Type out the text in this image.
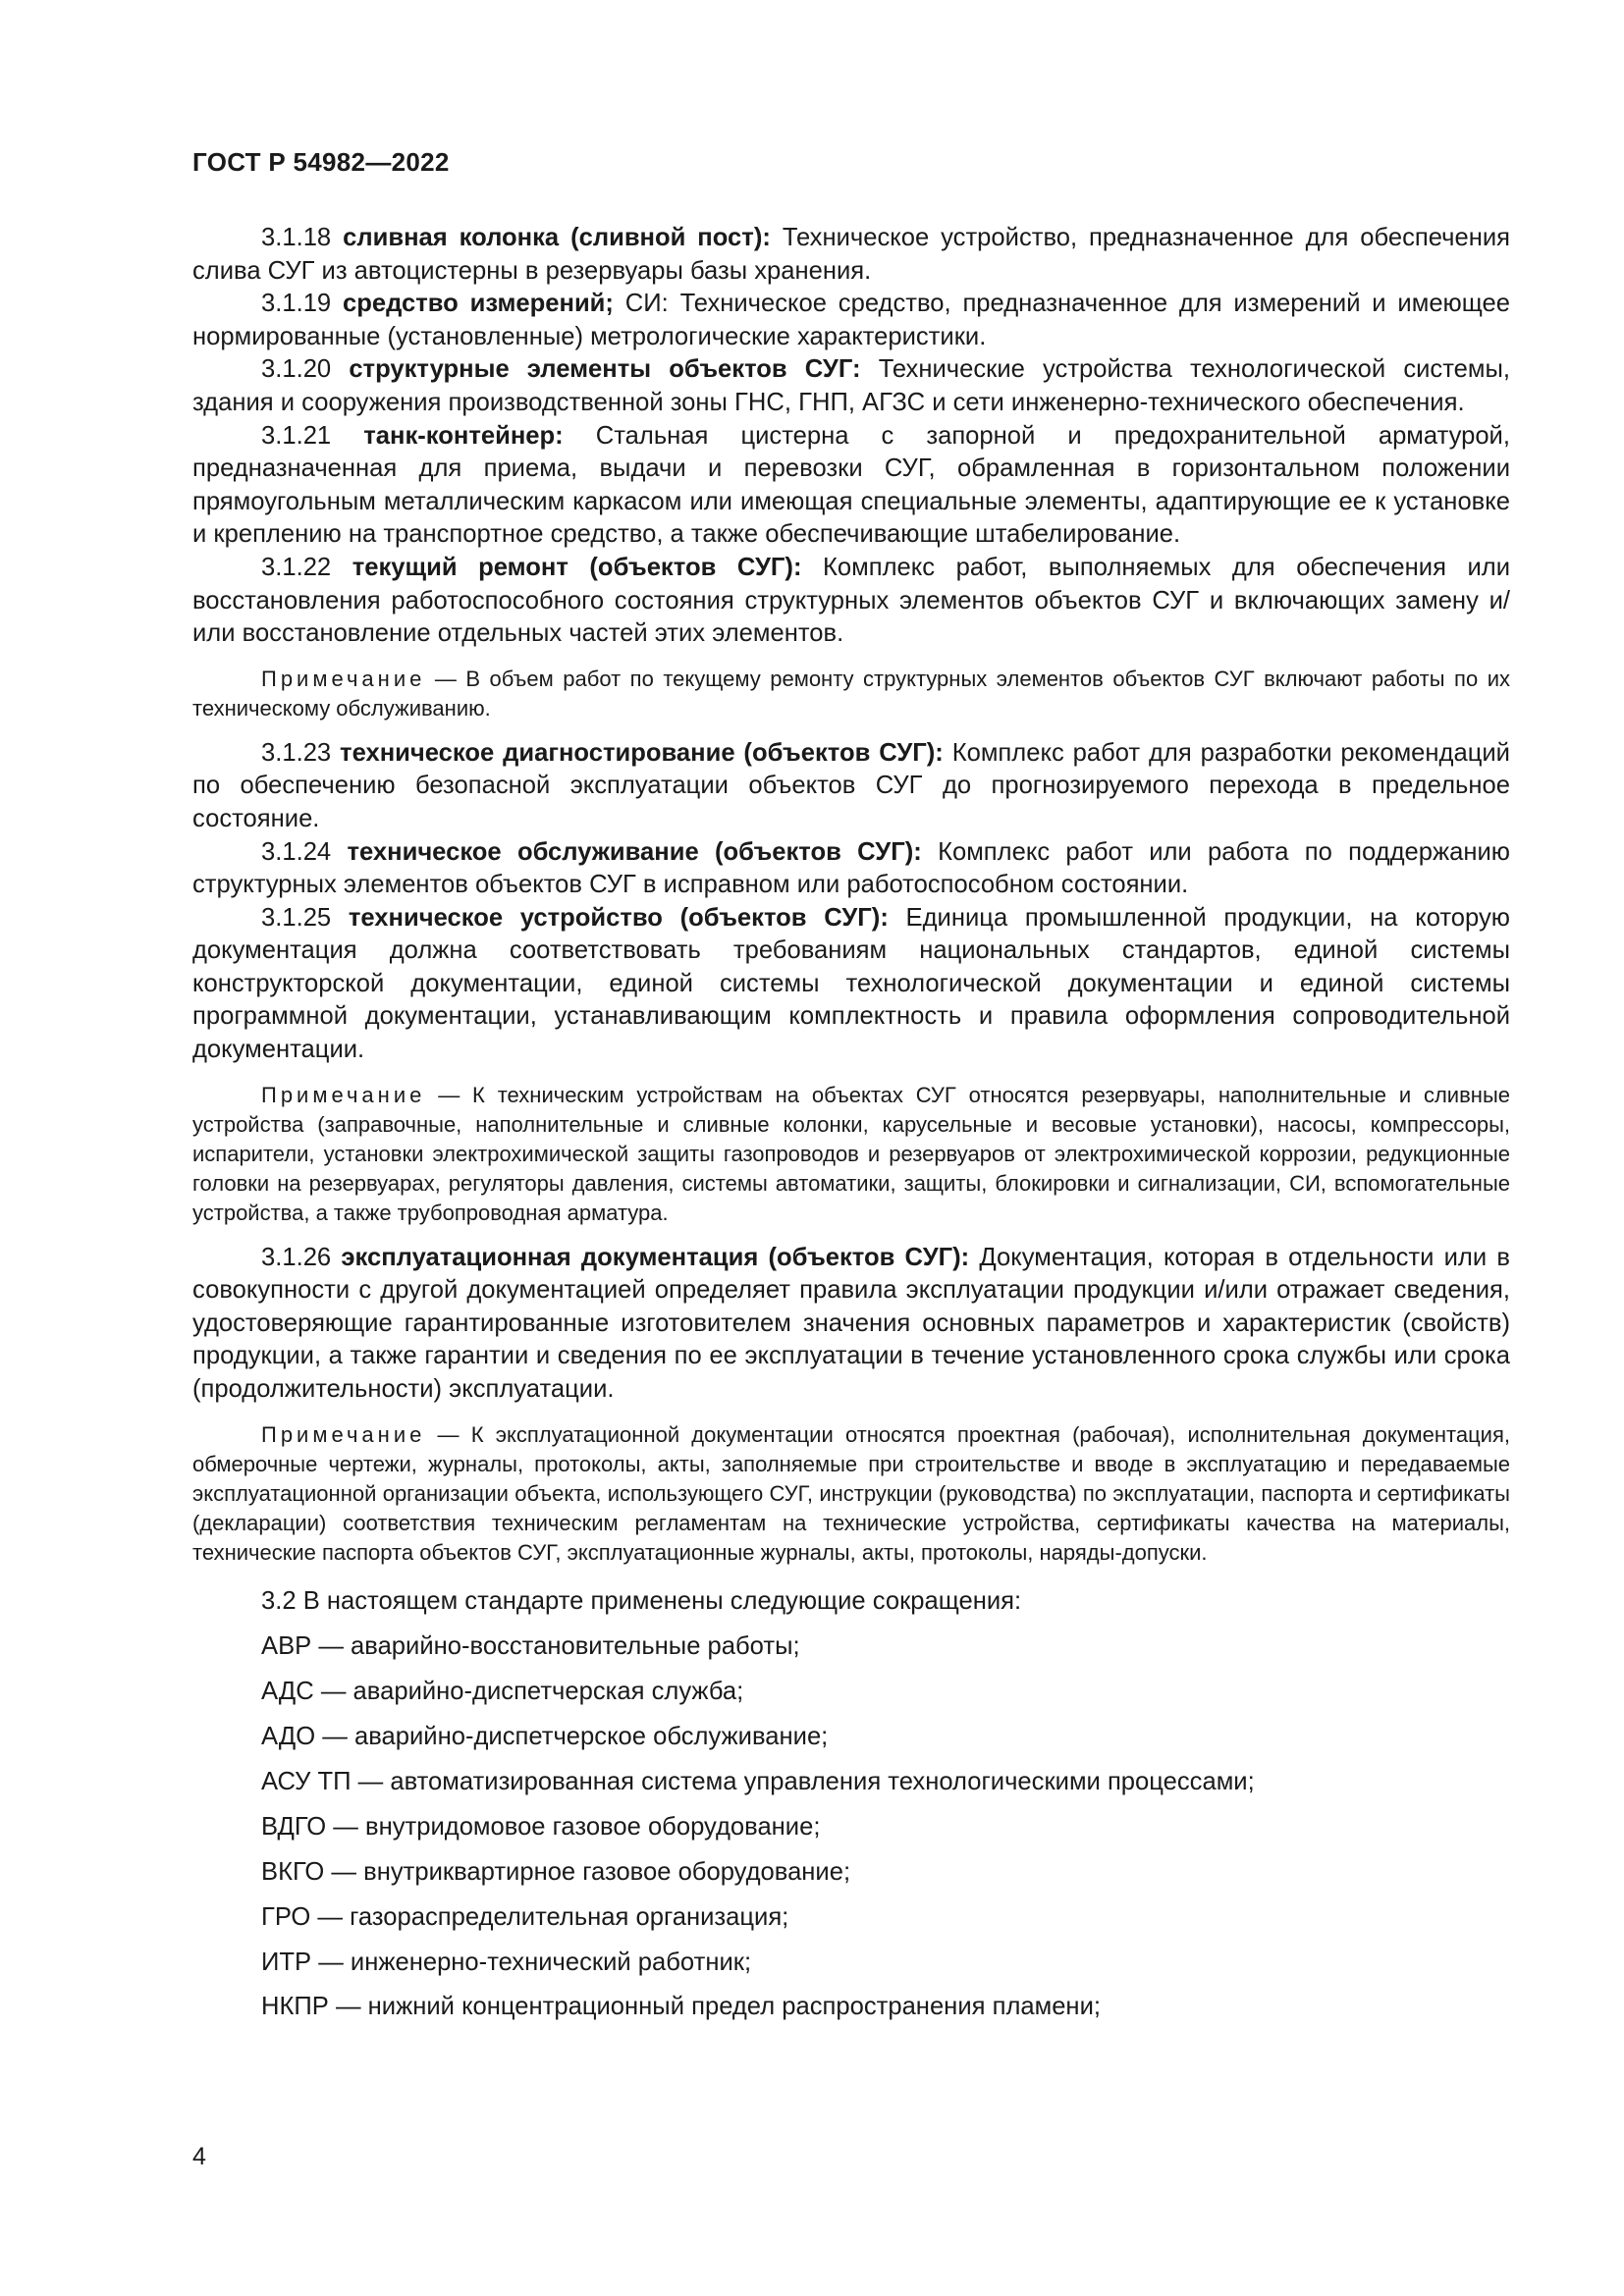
ГОСТ Р 54982—2022

3.1.18 сливная колонка (сливной пост): Техническое устройство, предназначенное для обеспечения слива СУГ из автоцистерны в резервуары базы хранения.

3.1.19 средство измерений; СИ: Техническое средство, предназначенное для измерений и имеющее нормированные (установленные) метрологические характеристики.

3.1.20 структурные элементы объектов СУГ: Технические устройства технологической системы, здания и сооружения производственной зоны ГНС, ГНП, АГЗС и сети инженерно-технического обеспечения.

3.1.21 танк-контейнер: Стальная цистерна с запорной и предохранительной арматурой, предназначенная для приема, выдачи и перевозки СУГ, обрамленная в горизонтальном положении прямоугольным металлическим каркасом или имеющая специальные элементы, адаптирующие ее к установке и креплению на транспортное средство, а также обеспечивающие штабелирование.

3.1.22 текущий ремонт (объектов СУГ): Комплекс работ, выполняемых для обеспечения или восстановления работоспособного состояния структурных элементов объектов СУГ и включающих замену и/или восстановление отдельных частей этих элементов.

Примечание — В объем работ по текущему ремонту структурных элементов объектов СУГ включают работы по их техническому обслуживанию.

3.1.23 техническое диагностирование (объектов СУГ): Комплекс работ для разработки рекомендаций по обеспечению безопасной эксплуатации объектов СУГ до прогнозируемого перехода в предельное состояние.

3.1.24 техническое обслуживание (объектов СУГ): Комплекс работ или работа по поддержанию структурных элементов объектов СУГ в исправном или работоспособном состоянии.

3.1.25 техническое устройство (объектов СУГ): Единица промышленной продукции, на которую документация должна соответствовать требованиям национальных стандартов, единой системы конструкторской документации, единой системы технологической документации и единой системы программной документации, устанавливающим комплектность и правила оформления сопроводительной документации.

Примечание — К техническим устройствам на объектах СУГ относятся резервуары, наполнительные и сливные устройства (заправочные, наполнительные и сливные колонки, карусельные и весовые установки), насосы, компрессоры, испарители, установки электрохимической защиты газопроводов и резервуаров от электрохимической коррозии, редукционные головки на резервуарах, регуляторы давления, системы автоматики, защиты, блокировки и сигнализации, СИ, вспомогательные устройства, а также трубопроводная арматура.

3.1.26 эксплуатационная документация (объектов СУГ): Документация, которая в отдельности или в совокупности с другой документацией определяет правила эксплуатации продукции и/или отражает сведения, удостоверяющие гарантированные изготовителем значения основных параметров и характеристик (свойств) продукции, а также гарантии и сведения по ее эксплуатации в течение установленного срока службы или срока (продолжительности) эксплуатации.

Примечание — К эксплуатационной документации относятся проектная (рабочая), исполнительная документация, обмерочные чертежи, журналы, протоколы, акты, заполняемые при строительстве и вводе в эксплуатацию и передаваемые эксплуатационной организации объекта, использующего СУГ, инструкции (руководства) по эксплуатации, паспорта и сертификаты (декларации) соответствия техническим регламентам на технические устройства, сертификаты качества на материалы, технические паспорта объектов СУГ, эксплуатационные журналы, акты, протоколы, наряды-допуски.

3.2 В настоящем стандарте применены следующие сокращения:

АВР — аварийно-восстановительные работы;

АДС — аварийно-диспетчерская служба;

АДО — аварийно-диспетчерское обслуживание;

АСУ ТП — автоматизированная система управления технологическими процессами;

ВДГО — внутридомовое газовое оборудование;

ВКГО — внутриквартирное газовое оборудование;

ГРО — газораспределительная организация;

ИТР — инженерно-технический работник;

НКПР — нижний концентрационный предел распространения пламени;

4
